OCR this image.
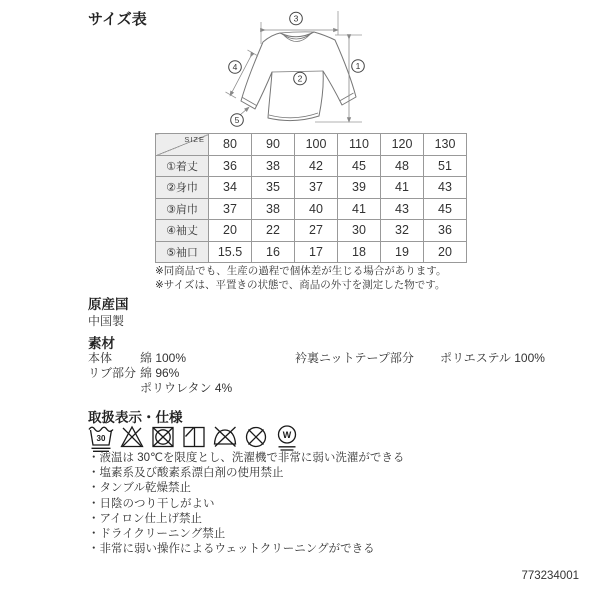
サイズ表	3
1
2
4
5
SIZE	80	90	100	110	120	130
①着丈	36	38	42	45	48	51
②身巾	34	35	37	39	41	43
③肩巾	37	38	40	41	43	45
④袖丈	20	22	27	30	32	36
⑤袖口	15.5	16	17	18	19	20
※同商品でも、生産の過程で個体差が生じる場合があります。
※サイズは、平置きの状態で、商品の外寸を測定した物です。
原産国
中国製
素材
本体 綿 100%
リブ部分 綿 96%
ポリウレタン 4%
衿裏ニットテープ部分 ポリエステル 100%
取扱表示・仕様
30	W
・液温は 30℃を限度とし、洗濯機で非常に弱い洗濯ができる
・塩素系及び酸素系漂白剤の使用禁止
・タンブル乾燥禁止
・日陰のつり干しがよい
・アイロン仕上げ禁止
・ドライクリーニング禁止
・非常に弱い操作によるウェットクリーニングができる
773234001
